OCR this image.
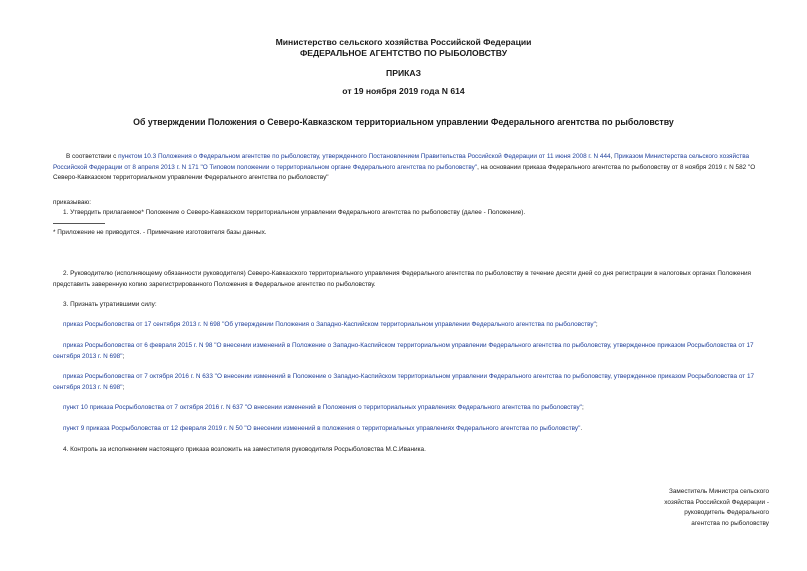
Министерство сельского хозяйства Российской Федерации
ФЕДЕРАЛЬНОЕ АГЕНТСТВО ПО РЫБОЛОВСТВУ
ПРИКАЗ
от 19 ноября 2019 года N 614
Об утверждении Положения о Северо-Кавказском территориальном управлении Федерального агентства по рыболовству
В соответствии с пунктом 10.3 Положения о Федеральном агентстве по рыболовству, утвержденного Постановлением Правительства Российской Федерации от 11 июня 2008 г. N 444, Приказом Министерства сельского хозяйства Российской Федерации от 8 апреля 2013 г. N 171 "О Типовом положении о территориальном органе Федерального агентства по рыболовству", на основании приказа Федерального агентства по рыболовству от 8 ноября 2019 г. N 582 "О Северо-Кавказском территориальном управлении Федерального агентства по рыболовству"
приказываю:
1. Утвердить прилагаемое* Положение о Северо-Кавказском территориальном управлении Федерального агентства по рыболовству (далее - Положение).
* Приложение не приводится. - Примечание изготовителя базы данных.
2. Руководителю (исполняющему обязанности руководителя) Северо-Кавказского территориального управления Федерального агентства по рыболовству в течение десяти дней со дня регистрации в налоговых органах Положения представить заверенную копию зарегистрированного Положения в Федеральное агентство по рыболовству.
3. Признать утратившими силу:
приказ Росрыболовства от 17 сентября 2013 г. N 698 "Об утверждении Положения о Западно-Каспийском территориальном управлении Федерального агентства по рыболовству";
приказ Росрыболовства от 6 февраля 2015 г. N 98 "О внесении изменений в Положение о Западно-Каспийском территориальном управлении Федерального агентства по рыболовству, утвержденное приказом Росрыболовства от 17 сентября 2013 г. N 698";
приказ Росрыболовства от 7 октября 2016 г. N 633 "О внесении изменений в Положение о Западно-Каспийском территориальном управлении Федерального агентства по рыболовству, утвержденное приказом Росрыболовства от 17 сентября 2013 г. N 698";
пункт 10 приказа Росрыболовства от 7 октября 2016 г. N 637 "О внесении изменений в Положения о территориальных управлениях Федерального агентства по рыболовству";
пункт 9 приказа Росрыболовства от 12 февраля 2019 г. N 50 "О внесении изменений в положения о территориальных управлениях Федерального агентства по рыболовству".
4. Контроль за исполнением настоящего приказа возложить на заместителя руководителя Росрыболовства М.С.Иваника.
Заместитель Министра сельского
хозяйства Российской Федерации -
руководитель Федерального
агентства по рыболовству
